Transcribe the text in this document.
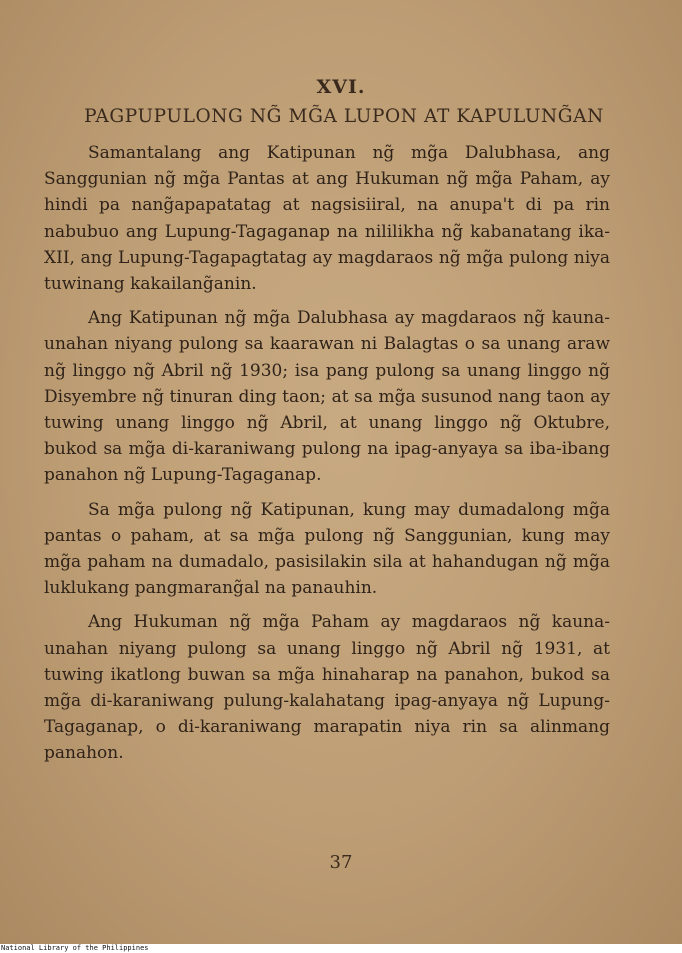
XVI.
PAGPUPULONG NG̃ MG̃A LUPON AT KAPULUNG̃AN

Samantalang ang Katipunan ng̃ mg̃a Dalubhasa, ang Sanggunian ng̃ mg̃a Pantas at ang Hukuman ng̃ mg̃a Paham, ay hindi pa nang̃apapatatag at nagsisiiral, na anupa't di pa rin nabubuo ang Lupung-Tagaganap na nililikha ng̃ kabanatang ika-XII, ang Lupung-Tagapagtatag ay magdaraos ng̃ mg̃a pulong niya tuwinang kakailang̃anin.

Ang Katipunan ng̃ mg̃a Dalubhasa ay magdaraos ng̃ kauna-unahan niyang pulong sa kaarawan ni Balagtas o sa unang araw ng̃ linggo ng̃ Abril ng̃ 1930; isa pang pulong sa unang linggo ng̃ Disyembre ng̃ tinuran ding taon; at sa mg̃a susunod nang taon ay tuwing unang linggo ng̃ Abril, at unang linggo ng̃ Oktubre, bukod sa mg̃a di-karaniwang pulong na ipag-anyaya sa iba-ibang panahon ng̃ Lupung-Tagaganap.

Sa mg̃a pulong ng̃ Katipunan, kung may dumadalong mg̃a pantas o paham, at sa mg̃a pulong ng̃ Sanggunian, kung may mg̃a paham na dumadalo, pasisilakin sila at hahandugan ng̃ mg̃a luklukang pangmarang̃al na panauhin.

Ang Hukuman ng̃ mg̃a Paham ay magdaraos ng̃ kauna-unahan niyang pulong sa unang linggo ng̃ Abril ng̃ 1931, at tuwing ikatlong buwan sa mg̃a hinaharap na panahon, bukod sa mg̃a di-karaniwang pulung-kalahatang ipag-anyaya ng̃ Lupung-Tagaganap, o di-karaniwang marapatin niya rin sa alinmang panahon.

37
National Library of the Philippines
